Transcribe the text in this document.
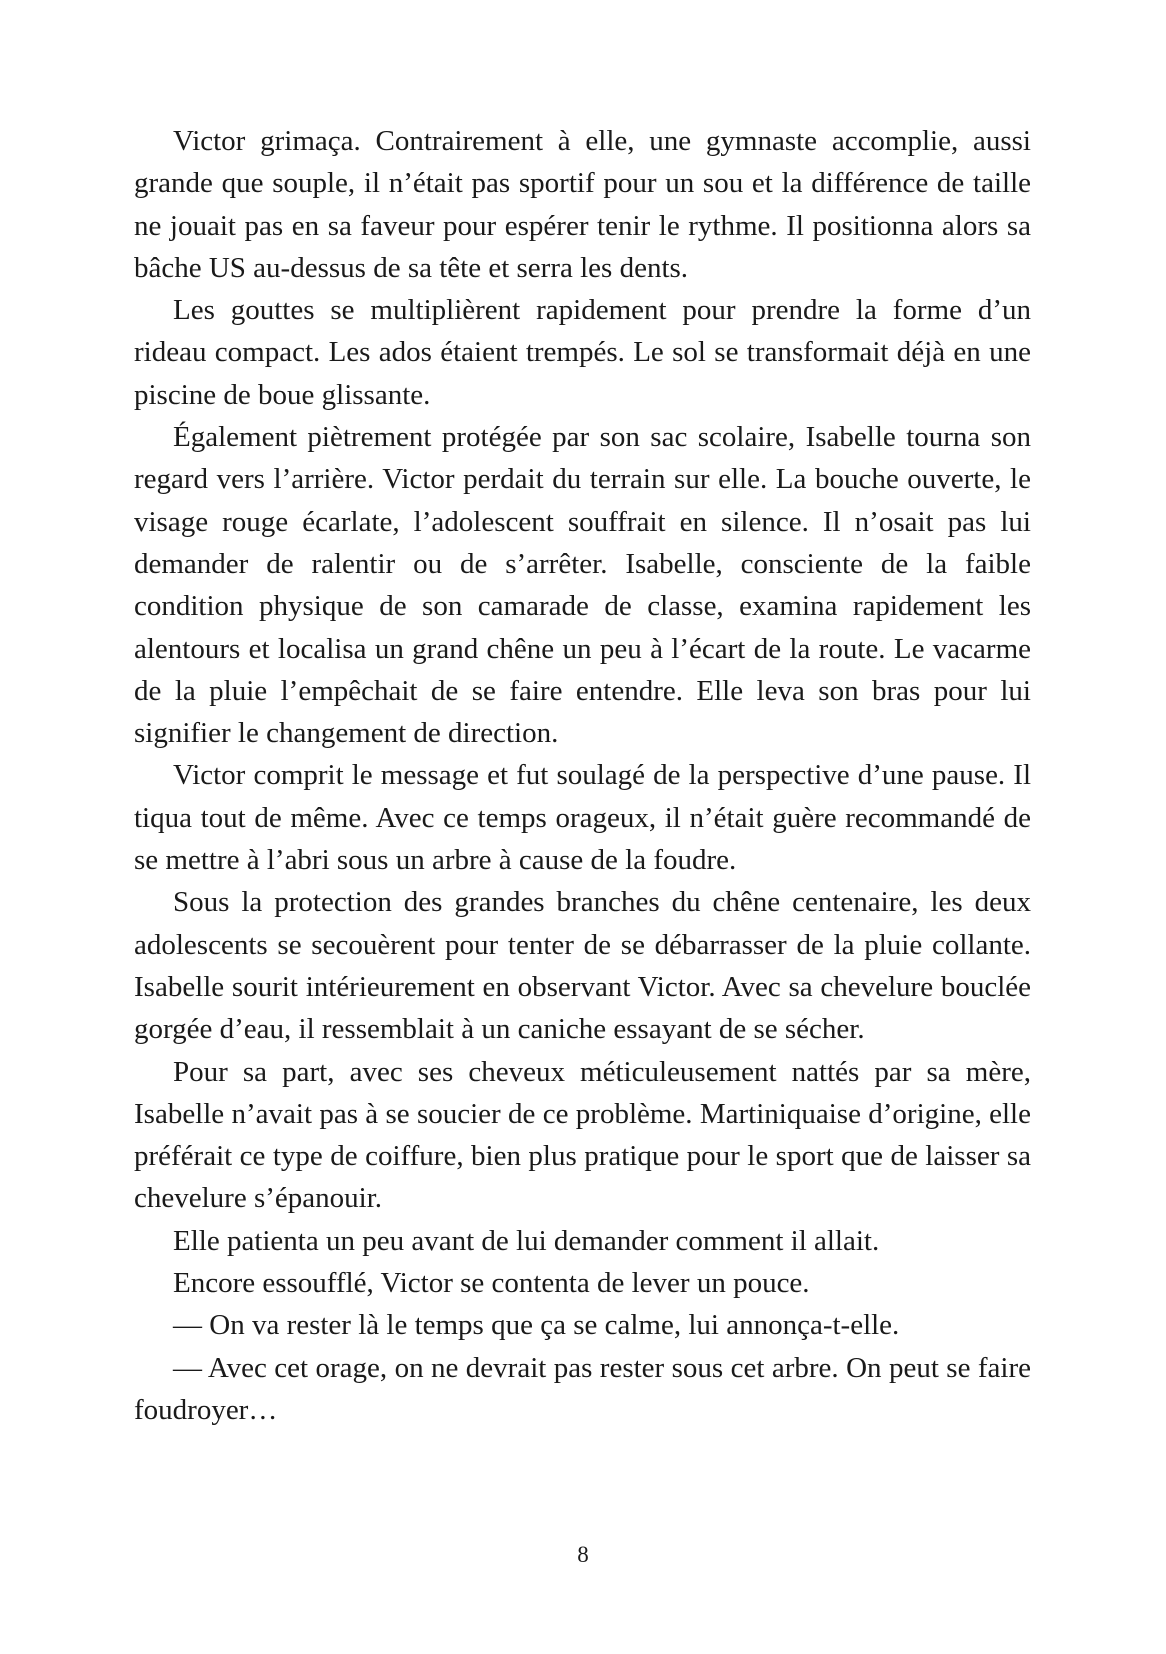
Victor grimaça. Contrairement à elle, une gymnaste accomplie, aussi grande que souple, il n’était pas sportif pour un sou et la différence de taille ne jouait pas en sa faveur pour espérer tenir le rythme. Il positionna alors sa bâche US au-dessus de sa tête et serra les dents.

Les gouttes se multiplièrent rapidement pour prendre la forme d’un rideau compact. Les ados étaient trempés. Le sol se transformait déjà en une piscine de boue glissante.

Également piètrement protégée par son sac scolaire, Isabelle tourna son regard vers l’arrière. Victor perdait du terrain sur elle. La bouche ouverte, le visage rouge écarlate, l’adolescent souffrait en silence. Il n’osait pas lui demander de ralentir ou de s’arrêter. Isabelle, consciente de la faible condition physique de son camarade de classe, examina rapidement les alentours et localisa un grand chêne un peu à l’écart de la route. Le vacarme de la pluie l’empêchait de se faire entendre. Elle leva son bras pour lui signifier le changement de direction.

Victor comprit le message et fut soulagé de la perspective d’une pause. Il tiqua tout de même. Avec ce temps orageux, il n’était guère recommandé de se mettre à l’abri sous un arbre à cause de la foudre.

Sous la protection des grandes branches du chêne centenaire, les deux adolescents se secouèrent pour tenter de se débarrasser de la pluie collante. Isabelle sourit intérieurement en observant Victor. Avec sa chevelure bouclée gorgée d’eau, il ressemblait à un caniche essayant de se sécher.

Pour sa part, avec ses cheveux méticuleusement nattés par sa mère, Isabelle n’avait pas à se soucier de ce problème. Martiniquaise d’origine, elle préférait ce type de coiffure, bien plus pratique pour le sport que de laisser sa chevelure s’épanouir.

Elle patienta un peu avant de lui demander comment il allait.

Encore essoufflé, Victor se contenta de lever un pouce.

— On va rester là le temps que ça se calme, lui annonça-t-elle.

— Avec cet orage, on ne devrait pas rester sous cet arbre. On peut se faire foudroyer…

8
